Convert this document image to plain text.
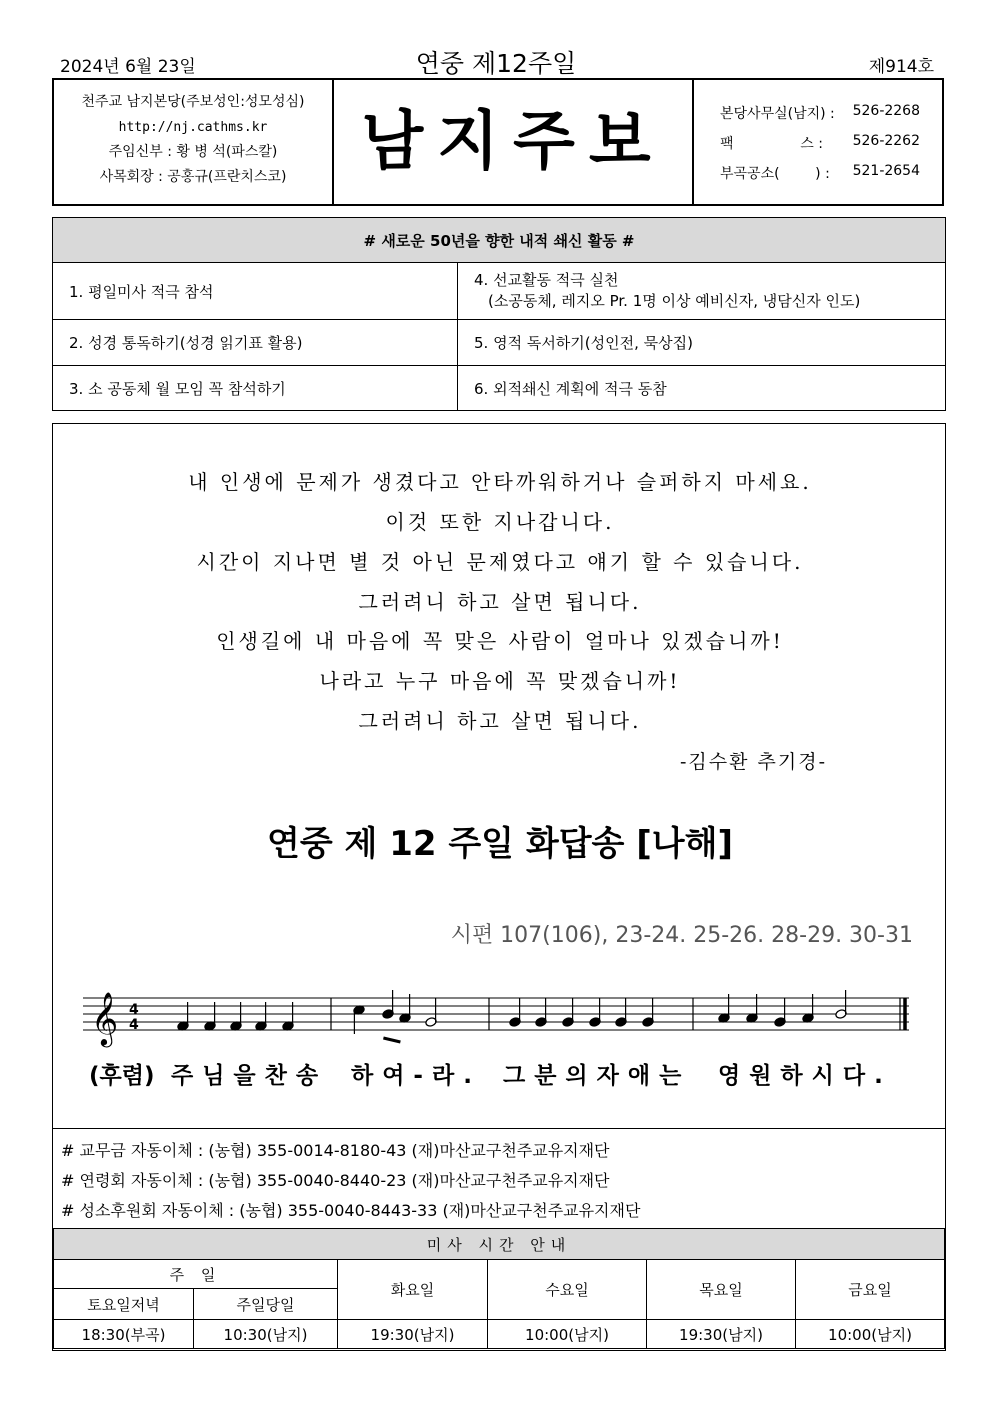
2024년 6월 23일	연중 제12주일	제914호
천주교 남지본당(주보성인:성모성심)
http://nj.cathms.kr
주임신부 : 황 병 석(파스칼)
사목회장 : 공홍규(프란치스코)	남지주보	본당사무실(남지) : 526-2268
팩               스 : 526-2262
부곡공소(        ) : 521-2654
# 새로운 50년을 향한 내적 쇄신 활동 #	
1. 평일미사 적극 참석	4. 선교활동 적극 실천
(소공동체, 레지오 Pr. 1명 이상 예비신자, 냉담신자 인도)

2. 성경 통독하기(성경 읽기표 활용)	5. 영적 독서하기(성인전, 묵상집)
3. 소 공동체 월 모임 꼭 참석하기	6. 외적쇄신 계획에 적극 동참
내 인생에 문제가 생겼다고 안타까워하거나 슬퍼하지 마세요.
이것 또한 지나갑니다.
시간이 지나면 별 것 아닌 문제였다고 얘기 할 수 있습니다.
그러려니 하고 살면 됩니다.
인생길에 내 마음에 꼭 맞은 사람이 얼마나 있겠습니까!
나라고 누구 마음에 꼭 맞겠습니까!
그러려니 하고 살면 됩니다.
-김수환 추기경-
연중 제 12 주일 화답송 [나해]
시편 107(106), 23-24. 25-26. 28-29. 30-31
𝄞 4
4
(후렴) 주님을찬송 하여-라. 그분의자애는 영원하시다.
# 교무금 자동이체 : (농협) 355-0014-8180-43 (재)마산교구천주교유지재단
# 연령회 자동이체 : (농협) 355-0040-8440-23 (재)마산교구천주교유지재단
# 성소후원회 자동이체 : (농협) 355-0040-8443-33 (재)마산교구천주교유지재단
미사 시간 안내					
주 일		화요일	수요일	목요일	금요일
토요일저녁	주일당일				
18:30(부곡)	10:30(남지)	19:30(남지)	10:00(남지)	19:30(남지)	10:00(남지)
